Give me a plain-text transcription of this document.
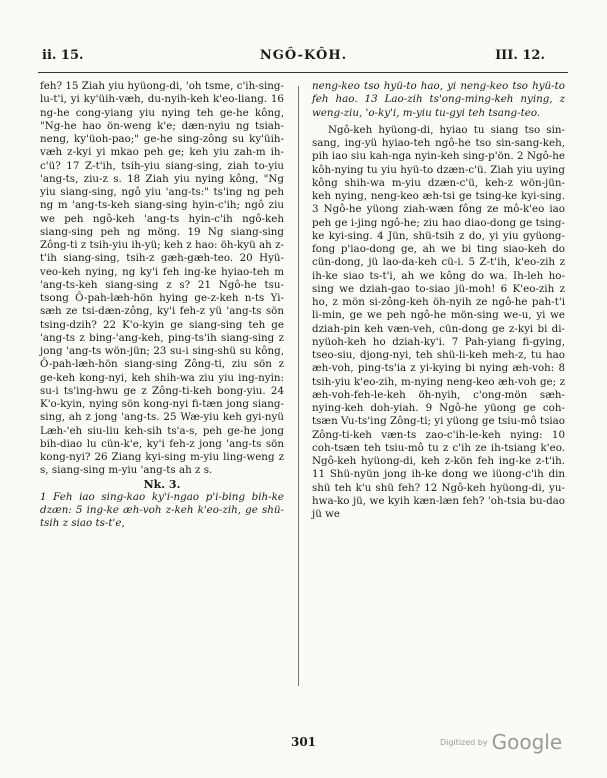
ii. 15.	NGÔ-KÔH.	III. 12.

feh? 15 Ziah yiu hyüong-di, 'oh tsme, c'ih-sing-lu-t'i, yi ky'üih-væh, du-nyih-keh k'eo-liang. 16 ng-he cong-yiang yiu nying teh ge-he kông, "Ng-he hao ön-weng k'e; dæn-nyiu ng tsiah-neng, ky'üoh-pao;" ge-he sing-zông su ky'üih-væh z-kyi yi mkao peh ge; keh yiu zah-m ih-c'ü? 17 Z-t'ih, tsih-yiu siang-sing, ziah to-yiu 'ang-ts, ziu-z s. 18 Ziah yiu nying kông, "Ng yiu siang-sing, ngô yiu 'ang-ts:" ts'ing ng peh ng m 'ang-ts-keh siang-sing hyin-c'ih; ngô ziu we peh ngô-keh 'ang-ts hyin-c'ih ngô-keh siang-sing peh ng möng. 19 Ng siang-sing Zông-ti z tsih-yiu ih-yü; keh z hao: öh-kyü ah z-t'ih siang-sing, tsih-z gæh-gæh-teo. 20 Hyü-veo-keh nying, ng ky'i feh ing-ke hyiao-teh m 'ang-ts-keh siang-sing z s? 21 Ngô-he tsu-tsong Ô-pah-læh-hön hying ge-z-keh n-ts Yi-sæh ze tsi-dæn-zông, ky'i feh-z yü 'ang-ts sön tsing-dzih? 22 K'o-kyin ge siang-sing teh ge 'ang-ts z bing-'ang-keh, ping-ts'ih siang-sing z jong 'ang-ts wön-jün; 23 su-i sing-shü su kông, Ô-pah-læh-hön siang-sing Zông-ti, ziu sön z ge-keh kong-nyi, keh shih-wa ziu yiu ing-nyin: su-i ts'ing-hwu ge z Zông-ti-keh bong-yiu. 24 K'o-kyin, nying sön kong-nyi fi-tæn jong siang-sing, ah z jong 'ang-ts. 25 Wæ-yiu keh gyi-nyü Læh-'eh siu-liu keh-sih ts'a-s, peh ge-he jong bih-diao lu cün-k'e, ky'i feh-z jong 'ang-ts sön kong-nyi? 26 Ziang kyi-sing m-yiu ling-weng z s, siang-sing m-yiu 'ang-ts ah z s.

Nk. 3.

1 Feh iao sing-kao ky'i-ngao p'i-bing bih-ke dzæn: 5 ing-ke æh-voh z-keh k'eo-zih, ge shü-tsih z siao ts-t'e,

neng-keo tso hyü-to hao, yi neng-keo tso hyü-to feh hao. 13 Lao-zih ts'ong-ming-keh nying, z weng-ziu, 'o-ky'i, m-yiu tu-gyi teh tsang-teo.

Ngô-keh hyüong-di, hyiao tu siang tso sin-sang, ing-yü hyiao-teh ngô-he tso sin-sang-keh, pih iao siu kah-nga nyin-keh sing-p'ön. 2 Ngô-he kôh-nying tu yiu hyü-to dzæn-c'ü. Ziah yiu uying kông shih-wa m-yiu dzæn-c'ü, keh-z wön-jün-keh nying, neng-keo æh-tsi ge tsing-ke kyi-sing. 3 Ngô-he yüong ziah-wæn fông ze mô-k'eo iao peh ge i-jing ngô-he; ziu hao diao-dong ge tsing-ke kyi-sing. 4 Jün, shü-tsih z do, yi yiu gyüong-fong p'iao-dong ge, ah we bi ting siao-keh do cün-dong, jü lao-da-keh cü-i. 5 Z-t'ih, k'eo-zih z ih-ke siao ts-t'i, ah we kông do wa. Ih-leh ho-sing we dziah-gao to-siao jü-moh! 6 K'eo-zih z ho, z mön si-zông-keh öh-nyih ze ngô-he pah-t'i li-min, ge we peh ngô-he mön-sing we-u, yi we dziah-pin keh væn-veh, cün-dong ge z-kyi bi di-nyüoh-keh ho dziah-ky'i. 7 Pah-yiang fi-gying, tseo-siu, djong-nyi, teh shü-li-keh meh-z, tu hao æh-voh, ping-ts'ia z yi-kying bi nying æh-voh: 8 tsih-yiu k'eo-zih, m-nying neng-keo æh-voh ge; z æh-voh-feh-le-keh öh-nyih, c'ong-mön sæh-nying-keh doh-yiah. 9 Ngô-he yüong ge coh-tsæn Vu-ts'ing Zông-ti; yi yüong ge tsiu-mô tsiao Zông-ti-keh væn-ts zao-c'ih-le-keh nying: 10 coh-tsæn teh tsiu-mô tu z c'ih ze ih-tsiang k'eo. Ngô-keh hyüong-di, keh z-kön feh ing-ke z-t'ih. 11 Shü-nyün jong ih-ke dong we iüong-c'ih din shü teh k'u shü feh? 12 Ngô-keh hyüong-di, yu-hwa-ko jü, we kyih kæn-læn feh? 'oh-tsia bu-dao jü we

301	Digitized by Google
